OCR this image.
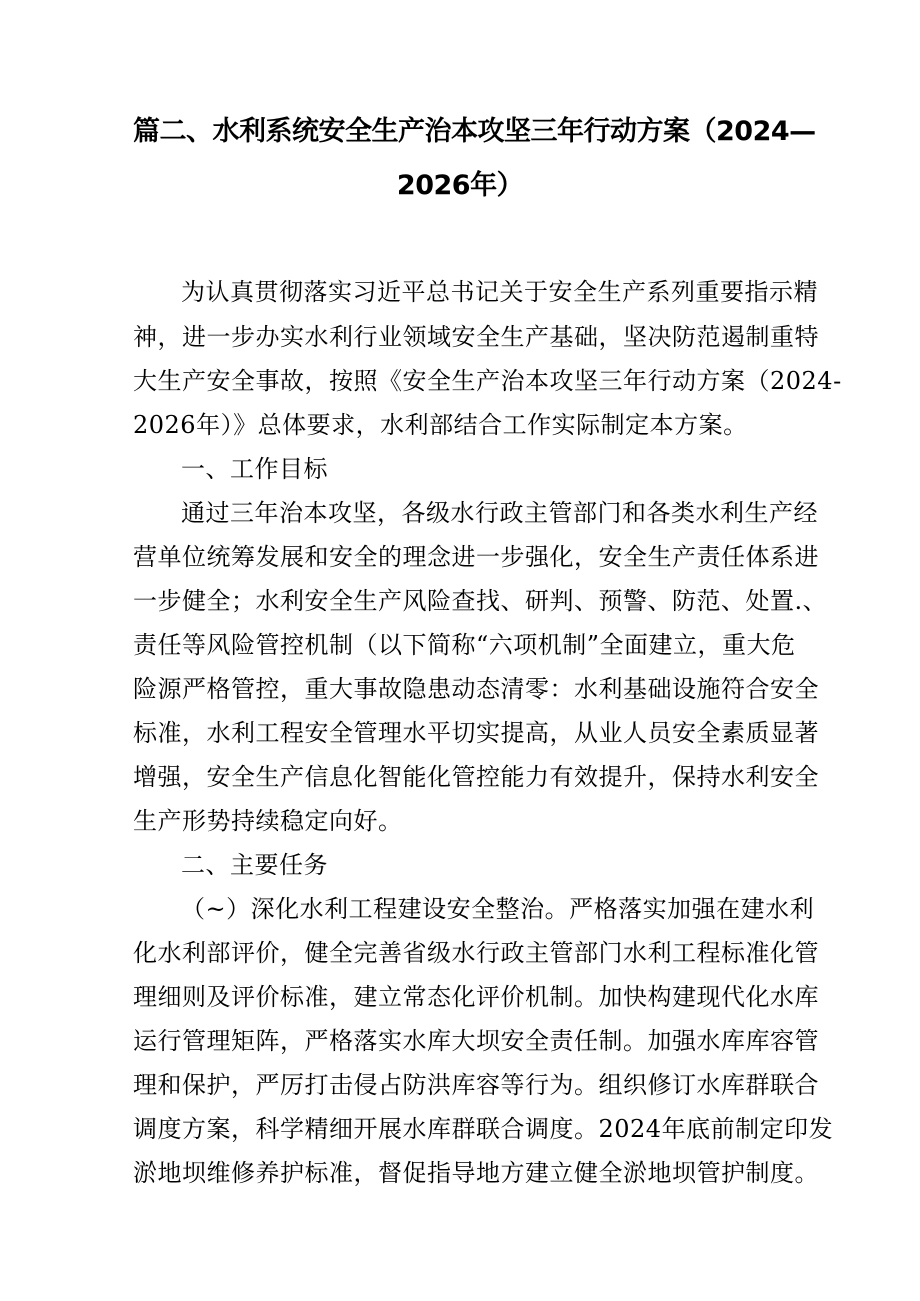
篇二、水利系统安全生产治本攻坚三年行动方案（2024—
2026年）
为认真贯彻落实习近平总书记关于安全生产系列重要指示精
神，进一步办实水利行业领域安全生产基础，坚决防范遏制重特
大生产安全事故，按照《安全生产治本攻坚三年行动方案（2024-
2026年）》总体要求，水利部结合工作实际制定本方案。
一、工作目标
通过三年治本攻坚，各级水行政主管部门和各类水利生产经
营单位统筹发展和安全的理念进一步强化，安全生产责任体系进
一步健全；水利安全生产风险查找、研判、预警、防范、处置.、
责任等风险管控机制（以下简称“六项机制”全面建立，重大危
险源严格管控，重大事故隐患动态清零：水利基础设施符合安全
标准，水利工程安全管理水平切实提高，从业人员安全素质显著
增强，安全生产信息化智能化管控能力有效提升，保持水利安全
生产形势持续稳定向好。
二、主要任务
（~）深化水利工程建设安全整治。严格落实加强在建水利
化水利部评价，健全完善省级水行政主管部门水利工程标准化管
理细则及评价标准，建立常态化评价机制。加快构建现代化水库
运行管理矩阵，严格落实水库大坝安全责任制。加强水库库容管
理和保护，严厉打击侵占防洪库容等行为。组织修订水库群联合
调度方案，科学精细开展水库群联合调度。2024年底前制定印发
淤地坝维修养护标准，督促指导地方建立健全淤地坝管护制度。
